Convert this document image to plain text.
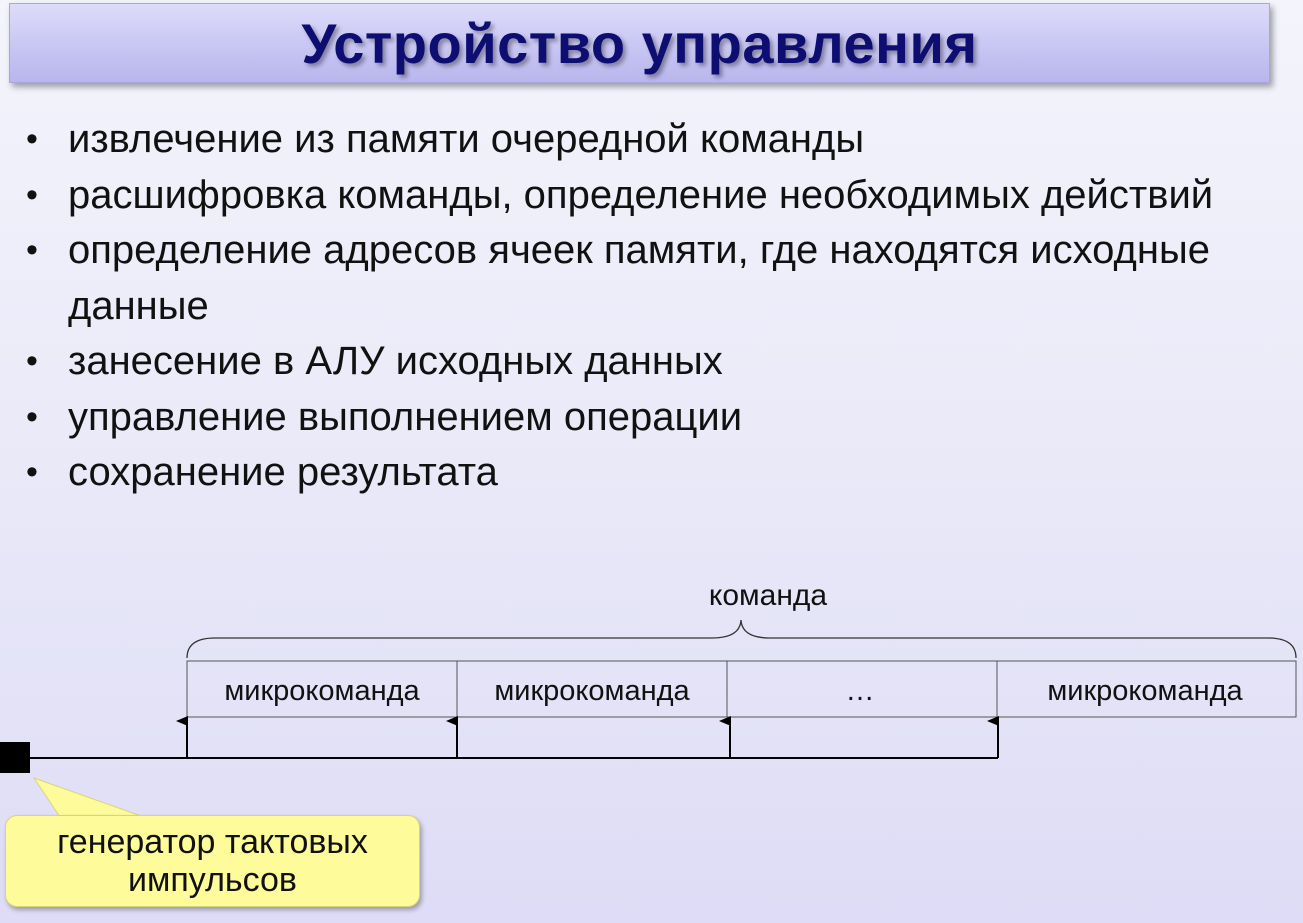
Устройство управления
• извлечение из памяти очередной команды
• расшифровка команды, определение необходимых действий
• определение адресов ячеек памяти, где находятся исходные данные
• занесение в АЛУ исходных данных
• управление выполнением операции
• сохранение результата
команда
микрокоманда	микрокоманда	…	микрокоманда
генератор тактовых импульсов
